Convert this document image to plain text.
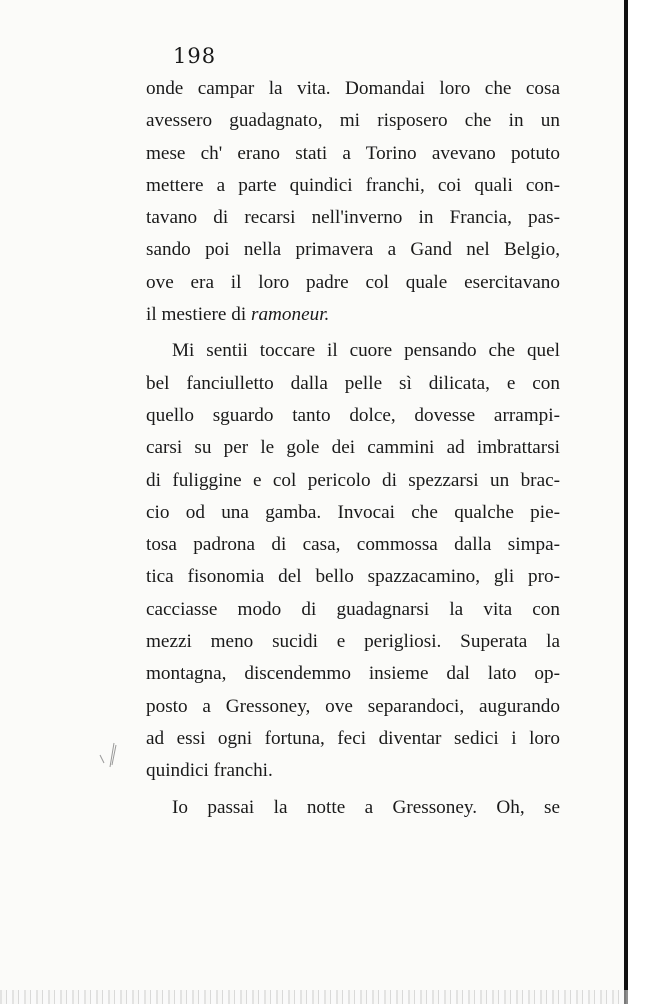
198
onde campar la vita. Domandai loro che cosa
avessero guadagnato, mi risposero che in un
mese ch' erano stati a Torino avevano potuto
mettere a parte quindici franchi, coi quali con-
tavano di recarsi nell'inverno in Francia, pas-
sando poi nella primavera a Gand nel Belgio,
ove era il loro padre col quale esercitavano
il mestiere di ramoneur.
Mi sentii toccare il cuore pensando che quel
bel fanciulletto dalla pelle sì dilicata, e con
quello sguardo tanto dolce, dovesse arrampi-
carsi su per le gole dei cammini ad imbrattarsi
di fuliggine e col pericolo di spezzarsi un brac-
cio od una gamba. Invocai che qualche pie-
tosa padrona di casa, commossa dalla simpa-
tica fisonomia del bello spazzacamino, gli pro-
cacciasse modo di guadagnarsi la vita con
mezzi meno sucidi e perigliosi. Superata la
montagna, discendemmo insieme dal lato op-
posto a Gressoney, ove separandoci, augurando
ad essi ogni fortuna, feci diventar sedici i loro
quindici franchi.
Io passai la notte a Gressoney. Oh, se
